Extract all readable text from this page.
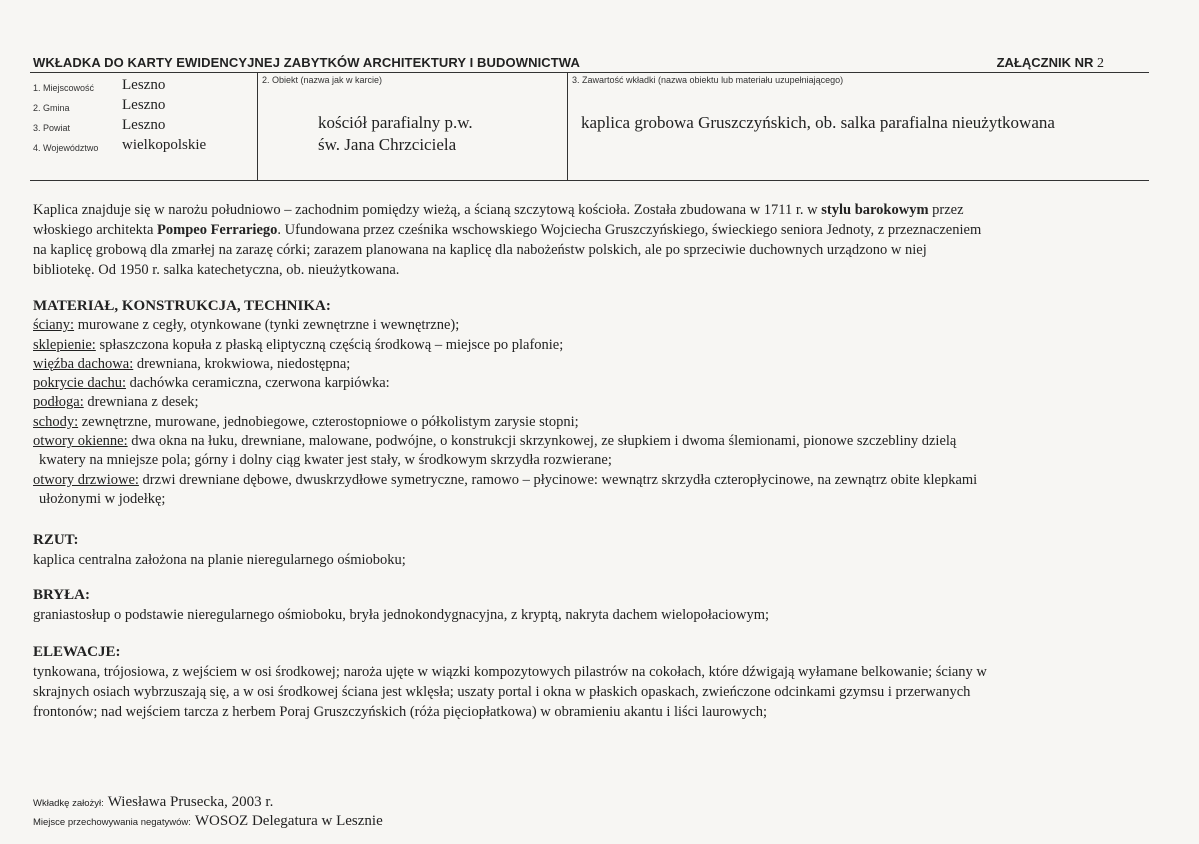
WKŁADKA DO KARTY EWIDENCYJNEJ ZABYTKÓW ARCHITEKTURY I BUDOWNICTWA	ZAŁĄCZNIK NR 2
1. Miejscowość Leszno
2. Gmina	Leszno
3. Powiat	Leszno
4. Województwo wielkopolskie
2. Obiekt (nazwa jak w karcie)
kościół parafialny p.w.
św. Jana Chrzciciela
3. Zawartość wkładki (nazwa obiektu lub materiału uzupełniającego)
kaplica grobowa Gruszczyńskich, ob. salka parafialna nieużytkowana

Kaplica znajduje się w narożu południowo – zachodnim pomiędzy wieżą, a ścianą szczytową kościoła. Została zbudowana w 1711 r. w stylu barokowym przez

włoskiego architekta Pompeo Ferrariego. Ufundowana przez cześnika wschowskiego Wojciecha Gruszczyńskiego, świeckiego seniora Jednoty, z przeznaczeniem

na kaplicę grobową dla zmarłej na zarazę córki; zarazem planowana na kaplicę dla nabożeństw polskich, ale po sprzeciwie duchownych urządzono w niej

bibliotekę. Od 1950 r. salka katechetyczna, ob. nieużytkowana.

MATERIAŁ, KONSTRUKCJA, TECHNIKA:

ściany: murowane z cegły, otynkowane (tynki zewnętrzne i wewnętrzne);

sklepienie: spłaszczona kopuła z płaską eliptyczną częścią środkową – miejsce po plafonie;

więźba dachowa: drewniana, krokwiowa, niedostępna;

pokrycie dachu: dachówka ceramiczna, czerwona karpiówka:

podłoga: drewniana z desek;

schody: zewnętrzne, murowane, jednobiegowe, czterostopniowe o półkolistym zarysie stopni;

otwory okienne: dwa okna na łuku, drewniane, malowane, podwójne, o konstrukcji skrzynkowej, ze słupkiem i dwoma ślemionami, pionowe szczebliny dzielą

kwatery na mniejsze pola; górny i dolny ciąg kwater jest stały, w środkowym skrzydła rozwierane;

otwory drzwiowe: drzwi drewniane dębowe, dwuskrzydłowe symetryczne, ramowo – płycinowe: wewnątrz skrzydła czteropłycinowe, na zewnątrz obite klepkami

ułożonymi w jodełkę;

RZUT:

kaplica centralna założona na planie nieregularnego ośmioboku;

BRYŁA:

graniastosłup o podstawie nieregularnego ośmioboku, bryła jednokondygnacyjna, z kryptą, nakryta dachem wielopołaciowym;

ELEWACJE:

tynkowana, trójosiowa, z wejściem w osi środkowej; naroża ujęte w wiązki kompozytowych pilastrów na cokołach, które dźwigają wyłamane belkowanie; ściany w

skrajnych osiach wybrzuszają się, a w osi środkowej ściana jest wklęsła; uszaty portal i okna w płaskich opaskach, zwieńczone odcinkami gzymsu i przerwanych

frontonów; nad wejściem tarcza z herbem Poraj Gruszczyńskich (róża pięciopłatkowa) w obramieniu akantu i liści laurowych;

Wkładkę założył: Wiesława Prusecka, 2003 r.
Miejsce przechowywania negatywów: WOSOZ Delegatura w Lesznie
